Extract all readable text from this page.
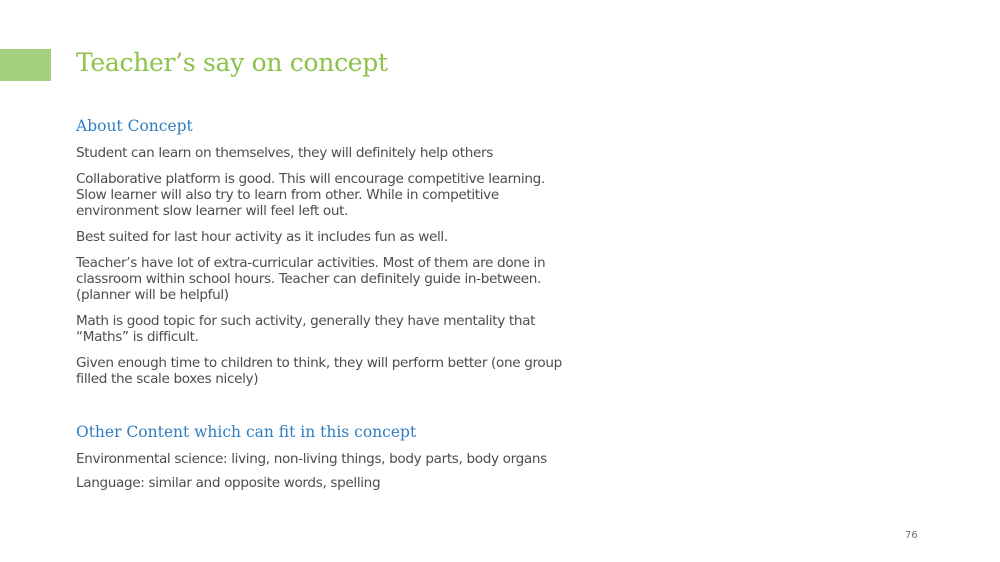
Teacher’s say on concept
About Concept
Student can learn on themselves, they will definitely help others
Collaborative platform is good. This will encourage competitive learning.
Slow learner will also try to learn from other. While in competitive
environment slow learner will feel left out.
Best suited for last hour activity as it includes fun as well.
Teacher’s have lot of extra-curricular activities. Most of them are done in
classroom within school hours. Teacher can definitely guide in-between.
(planner will be helpful)
Math is good topic for such activity, generally they have mentality that
“Maths” is difficult.
Given enough time to children to think, they will perform better (one group
filled the scale boxes nicely)
Other Content which can fit in this concept
Environmental science: living, non-living things, body parts, body organs
Language: similar and opposite words, spelling
76
